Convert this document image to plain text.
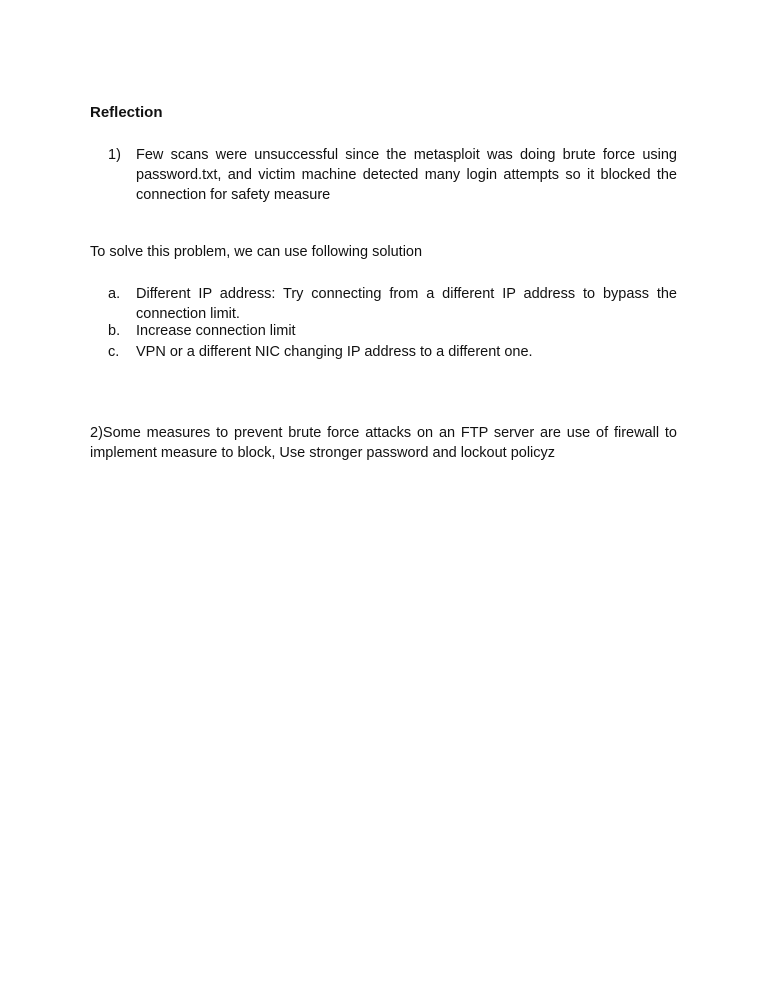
Reflection
1)	Few scans were unsuccessful since the metasploit was doing brute force using password.txt, and victim machine detected many login attempts so it blocked the connection for safety measure
To solve this problem, we can use following solution
a.	Different IP address: Try connecting from a different IP address to bypass the connection limit.
b.	Increase connection limit
c.	VPN or a different NIC changing IP address to a different one.
2)Some measures to prevent brute force attacks on an FTP server are use of firewall to implement measure to block, Use stronger password and lockout policyz
